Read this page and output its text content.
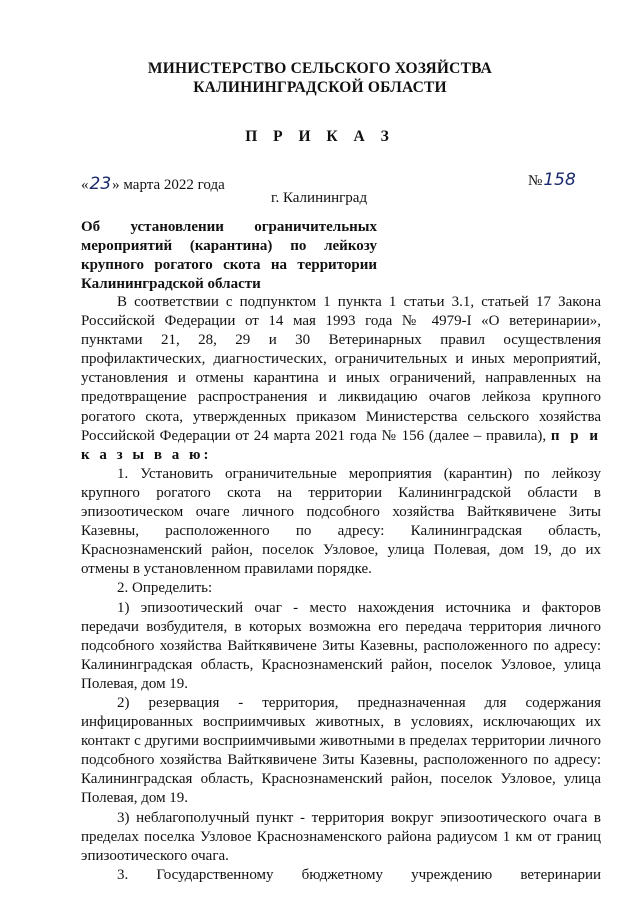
МИНИСТЕРСТВО СЕЛЬСКОГО ХОЗЯЙСТВА
КАЛИНИНГРАДСКОЙ ОБЛАСТИ
П Р И К А З
«23» марта 2022 года	№158
г. Калининград
Об установлении ограничительных мероприятий (карантина) по лейкозу крупного рогатого скота на территории Калининградской области

В соответствии с подпунктом 1 пункта 1 статьи 3.1, статьей 17 Закона Российской Федерации от 14 мая 1993 года № 4979-I «О ветеринарии», пунктами 21, 28, 29 и 30 Ветеринарных правил осуществления профилактических, диагностических, ограничительных и иных мероприятий, установления и отмены карантина и иных ограничений, направленных на предотвращение распространения и ликвидацию очагов лейкоза крупного рогатого скота, утвержденных приказом Министерства сельского хозяйства Российской Федерации от 24 марта 2021 года № 156 (далее – правила), п р и к а з ы в а ю:

1. Установить ограничительные мероприятия (карантин) по лейкозу крупного рогатого скота на территории Калининградской области в эпизоотическом очаге личного подсобного хозяйства Вайткявичене Зиты Казевны, расположенного по адресу: Калининградская область, Краснознаменский район, поселок Узловое, улица Полевая, дом 19, до их отмены в установленном правилами порядке.

2. Определить:

1) эпизоотический очаг - место нахождения источника и факторов передачи возбудителя, в которых возможна его передача территория личного подсобного хозяйства Вайткявичене Зиты Казевны, расположенного по адресу: Калининградская область, Краснознаменский район, поселок Узловое, улица Полевая, дом 19.

2) резервация - территория, предназначенная для содержания инфицированных восприимчивых животных, в условиях, исключающих их контакт с другими восприимчивыми животными в пределах территории личного подсобного хозяйства Вайткявичене Зиты Казевны, расположенного по адресу: Калининградская область, Краснознаменский район, поселок Узловое, улица Полевая, дом 19.

3) неблагополучный пункт - территория вокруг эпизоотического очага в пределах поселка Узловое Краснознаменского района радиусом 1 км от границ эпизоотического очага.

3. Государственному бюджетному учреждению ветеринарии
